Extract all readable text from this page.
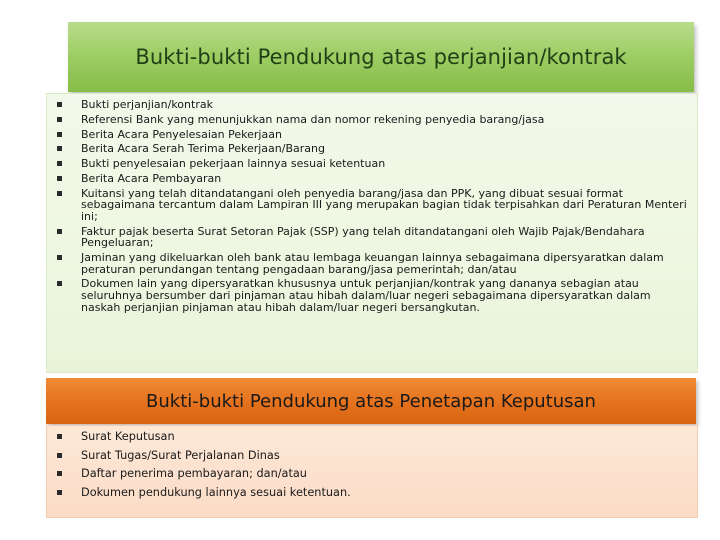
Bukti-bukti Pendukung atas perjanjian/kontrak
Bukti perjanjian/kontrak
Referensi Bank yang menunjukkan nama dan nomor rekening penyedia barang/jasa
Berita Acara Penyelesaian Pekerjaan
Berita Acara Serah Terima Pekerjaan/Barang
Bukti penyelesaian pekerjaan lainnya sesuai ketentuan
Berita Acara Pembayaran
Kuitansi yang telah ditandatangani oleh penyedia barang/jasa dan PPK, yang dibuat sesuai format sebagaimana tercantum dalam Lampiran III yang merupakan bagian tidak terpisahkan dari Peraturan Menteri ini;
Faktur pajak beserta Surat Setoran Pajak (SSP) yang telah ditandatangani oleh Wajib Pajak/Bendahara Pengeluaran;
Jaminan yang dikeluarkan oleh bank atau lembaga keuangan lainnya sebagaimana dipersyaratkan dalam peraturan perundangan tentang pengadaan barang/jasa pemerintah; dan/atau
Dokumen lain yang dipersyaratkan khususnya untuk perjanjian/kontrak yang dananya sebagian atau seluruhnya bersumber dari pinjaman atau hibah dalam/luar negeri sebagaimana dipersyaratkan dalam naskah perjanjian pinjaman atau hibah dalam/luar negeri bersangkutan.
Bukti-bukti Pendukung atas Penetapan Keputusan
Surat Keputusan
Surat Tugas/Surat Perjalanan Dinas
Daftar penerima pembayaran; dan/atau
Dokumen pendukung lainnya sesuai ketentuan.
